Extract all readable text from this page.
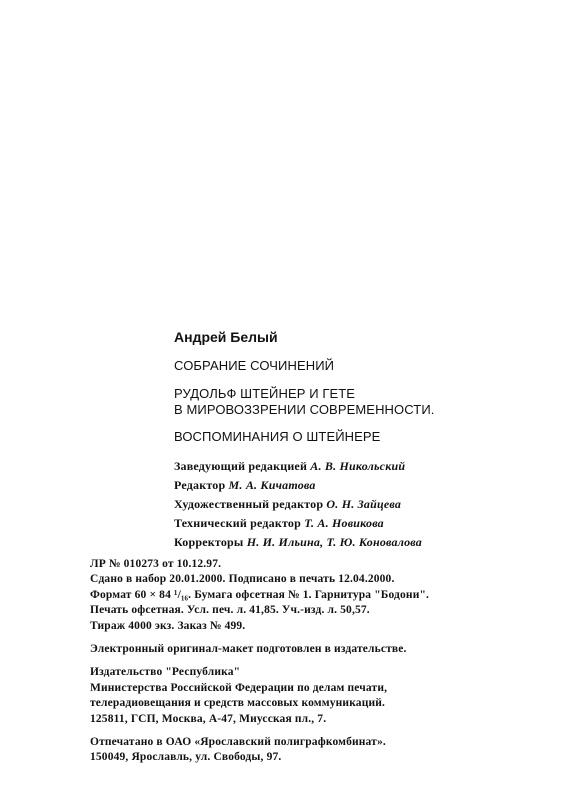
Андрей Белый

СОБРАНИЕ СОЧИНЕНИЙ

РУДОЛЬФ ШТЕЙНЕР И ГЕТЕ
В МИРОВОЗЗРЕНИИ СОВРЕМЕННОСТИ.

ВОСПОМИНАНИЯ О ШТЕЙНЕРЕ

Заведующий редакцией А. В. Никольский
Редактор М. А. Кичатова
Художественный редактор О. Н. Зайцева
Технический редактор Т. А. Новикова
Корректоры Н. И. Ильина, Т. Ю. Коновалова
ЛР № 010273 от 10.12.97.
Сдано в набор 20.01.2000. Подписано в печать 12.04.2000.
Формат 60 × 84 ¹/₁₆. Бумага офсетная № 1. Гарнитура "Бодони".
Печать офсетная. Усл. печ. л. 41,85. Уч.-изд. л. 50,57.
Тираж 4000 экз. Заказ № 499.
Электронный оригинал-макет подготовлен в издательстве.
Издательство "Республика"
Министерства Российской Федерации по делам печати,
телерадиовещания и средств массовых коммуникаций.
125811, ГСП, Москва, А-47, Миусская пл., 7.
Отпечатано в ОАО «Ярославский полиграфкомбинат».
150049, Ярославль, ул. Свободы, 97.
